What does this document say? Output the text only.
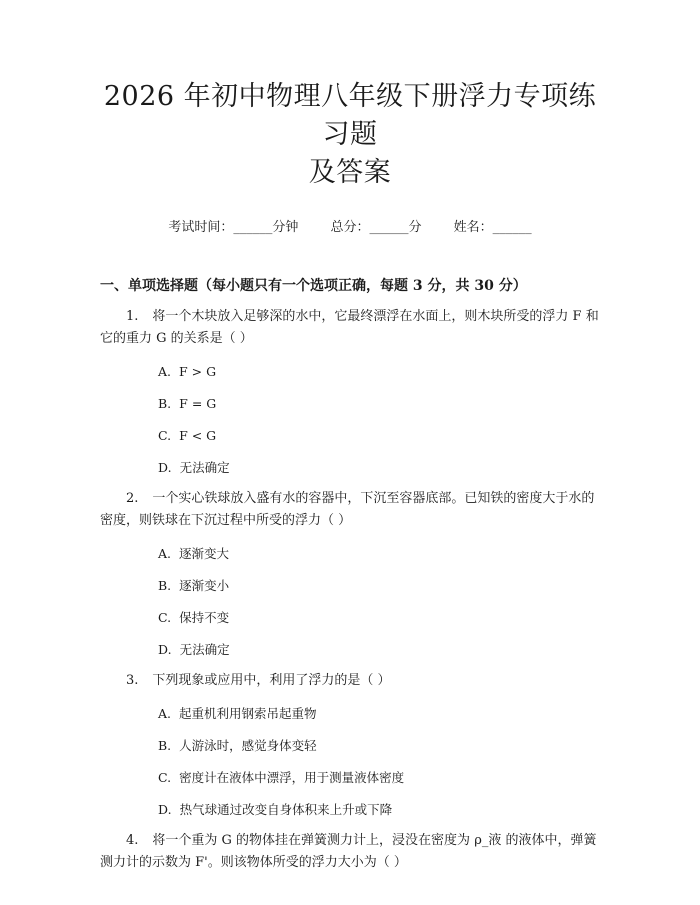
2026 年初中物理八年级下册浮力专项练习题
及答案
考试时间：______分钟 总分：______分 姓名：______
一、单项选择题（每小题只有一个选项正确，每题 3 分，共 30 分）

1. 将一个木块放入足够深的水中，它最终漂浮在水面上，则木块所受的浮力 F 和它的重力 G 的关系是（ ）

A. F > G
B. F = G
C. F < G
D. 无法确定

2. 一个实心铁球放入盛有水的容器中，下沉至容器底部。已知铁的密度大于水的密度，则铁球在下沉过程中所受的浮力（ ）

A. 逐渐变大
B. 逐渐变小
C. 保持不变
D. 无法确定

3. 下列现象或应用中，利用了浮力的是（ ）

A. 起重机利用钢索吊起重物
B. 人游泳时，感觉身体变轻
C. 密度计在液体中漂浮，用于测量液体密度
D. 热气球通过改变自身体积来上升或下降

4. 将一个重为 G 的物体挂在弹簧测力计上，浸没在密度为 ρ_液 的液体中，弹簧测力计的示数为 F'。则该物体所受的浮力大小为（ ）
